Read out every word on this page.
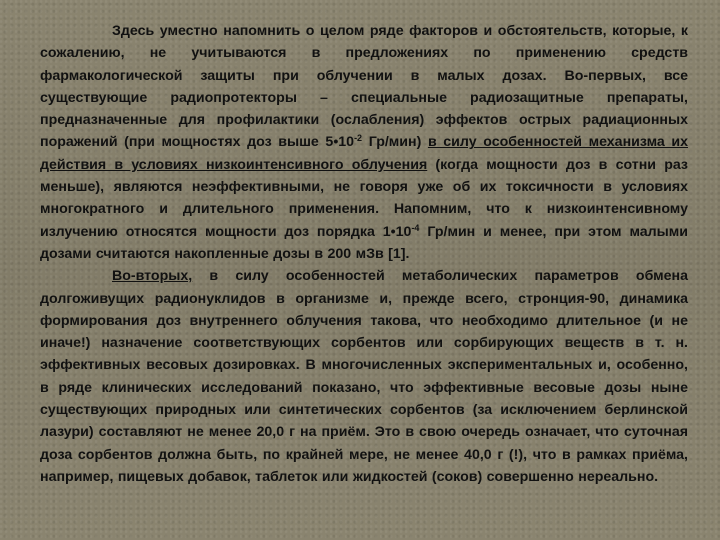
Здесь уместно напомнить о целом ряде факторов и обстоятельств, которые, к сожалению, не учитываются в предложениях по применению средств фармакологической защиты при облучении в малых дозах. Во-первых, все существующие радиопротекторы – специальные радиозащитные препараты, предназначенные для профилактики (ослабления) эффектов острых радиационных поражений (при мощностях доз выше $5•10^{-2}$ Гр/мин) в силу особенностей механизма их действия в условиях низкоинтенсивного облучения (когда мощности доз в сотни раз меньше), являются неэффективными, не говоря уже об их токсичности в условиях многократного и длительного применения. Напомним, что к низкоинтенсивному излучению относятся мощности доз порядка $1•10^{-4}$ Гр/мин и менее, при этом малыми дозами считаются накопленные дозы в 200 мЗв [1].

Во-вторых, в силу особенностей метаболических параметров обмена долгоживущих радионуклидов в организме и, прежде всего, стронция-90, динамика формирования доз внутреннего облучения такова, что необходимо длительное (и не иначе!) назначение соответствующих сорбентов или сорбирующих веществ в т. н. эффективных весовых дозировках. В многочисленных экспериментальных и, особенно, в ряде клинических исследований показано, что эффективные весовые дозы ныне существующих природных или синтетических сорбентов (за исключением берлинской лазури) составляют не менее 20,0 г на приём. Это в свою очередь означает, что суточная доза сорбентов должна быть, по крайней мере, не менее 40,0 г (!), что в рамках приёма, например, пищевых добавок, таблеток или жидкостей (соков) совершенно нереально.
